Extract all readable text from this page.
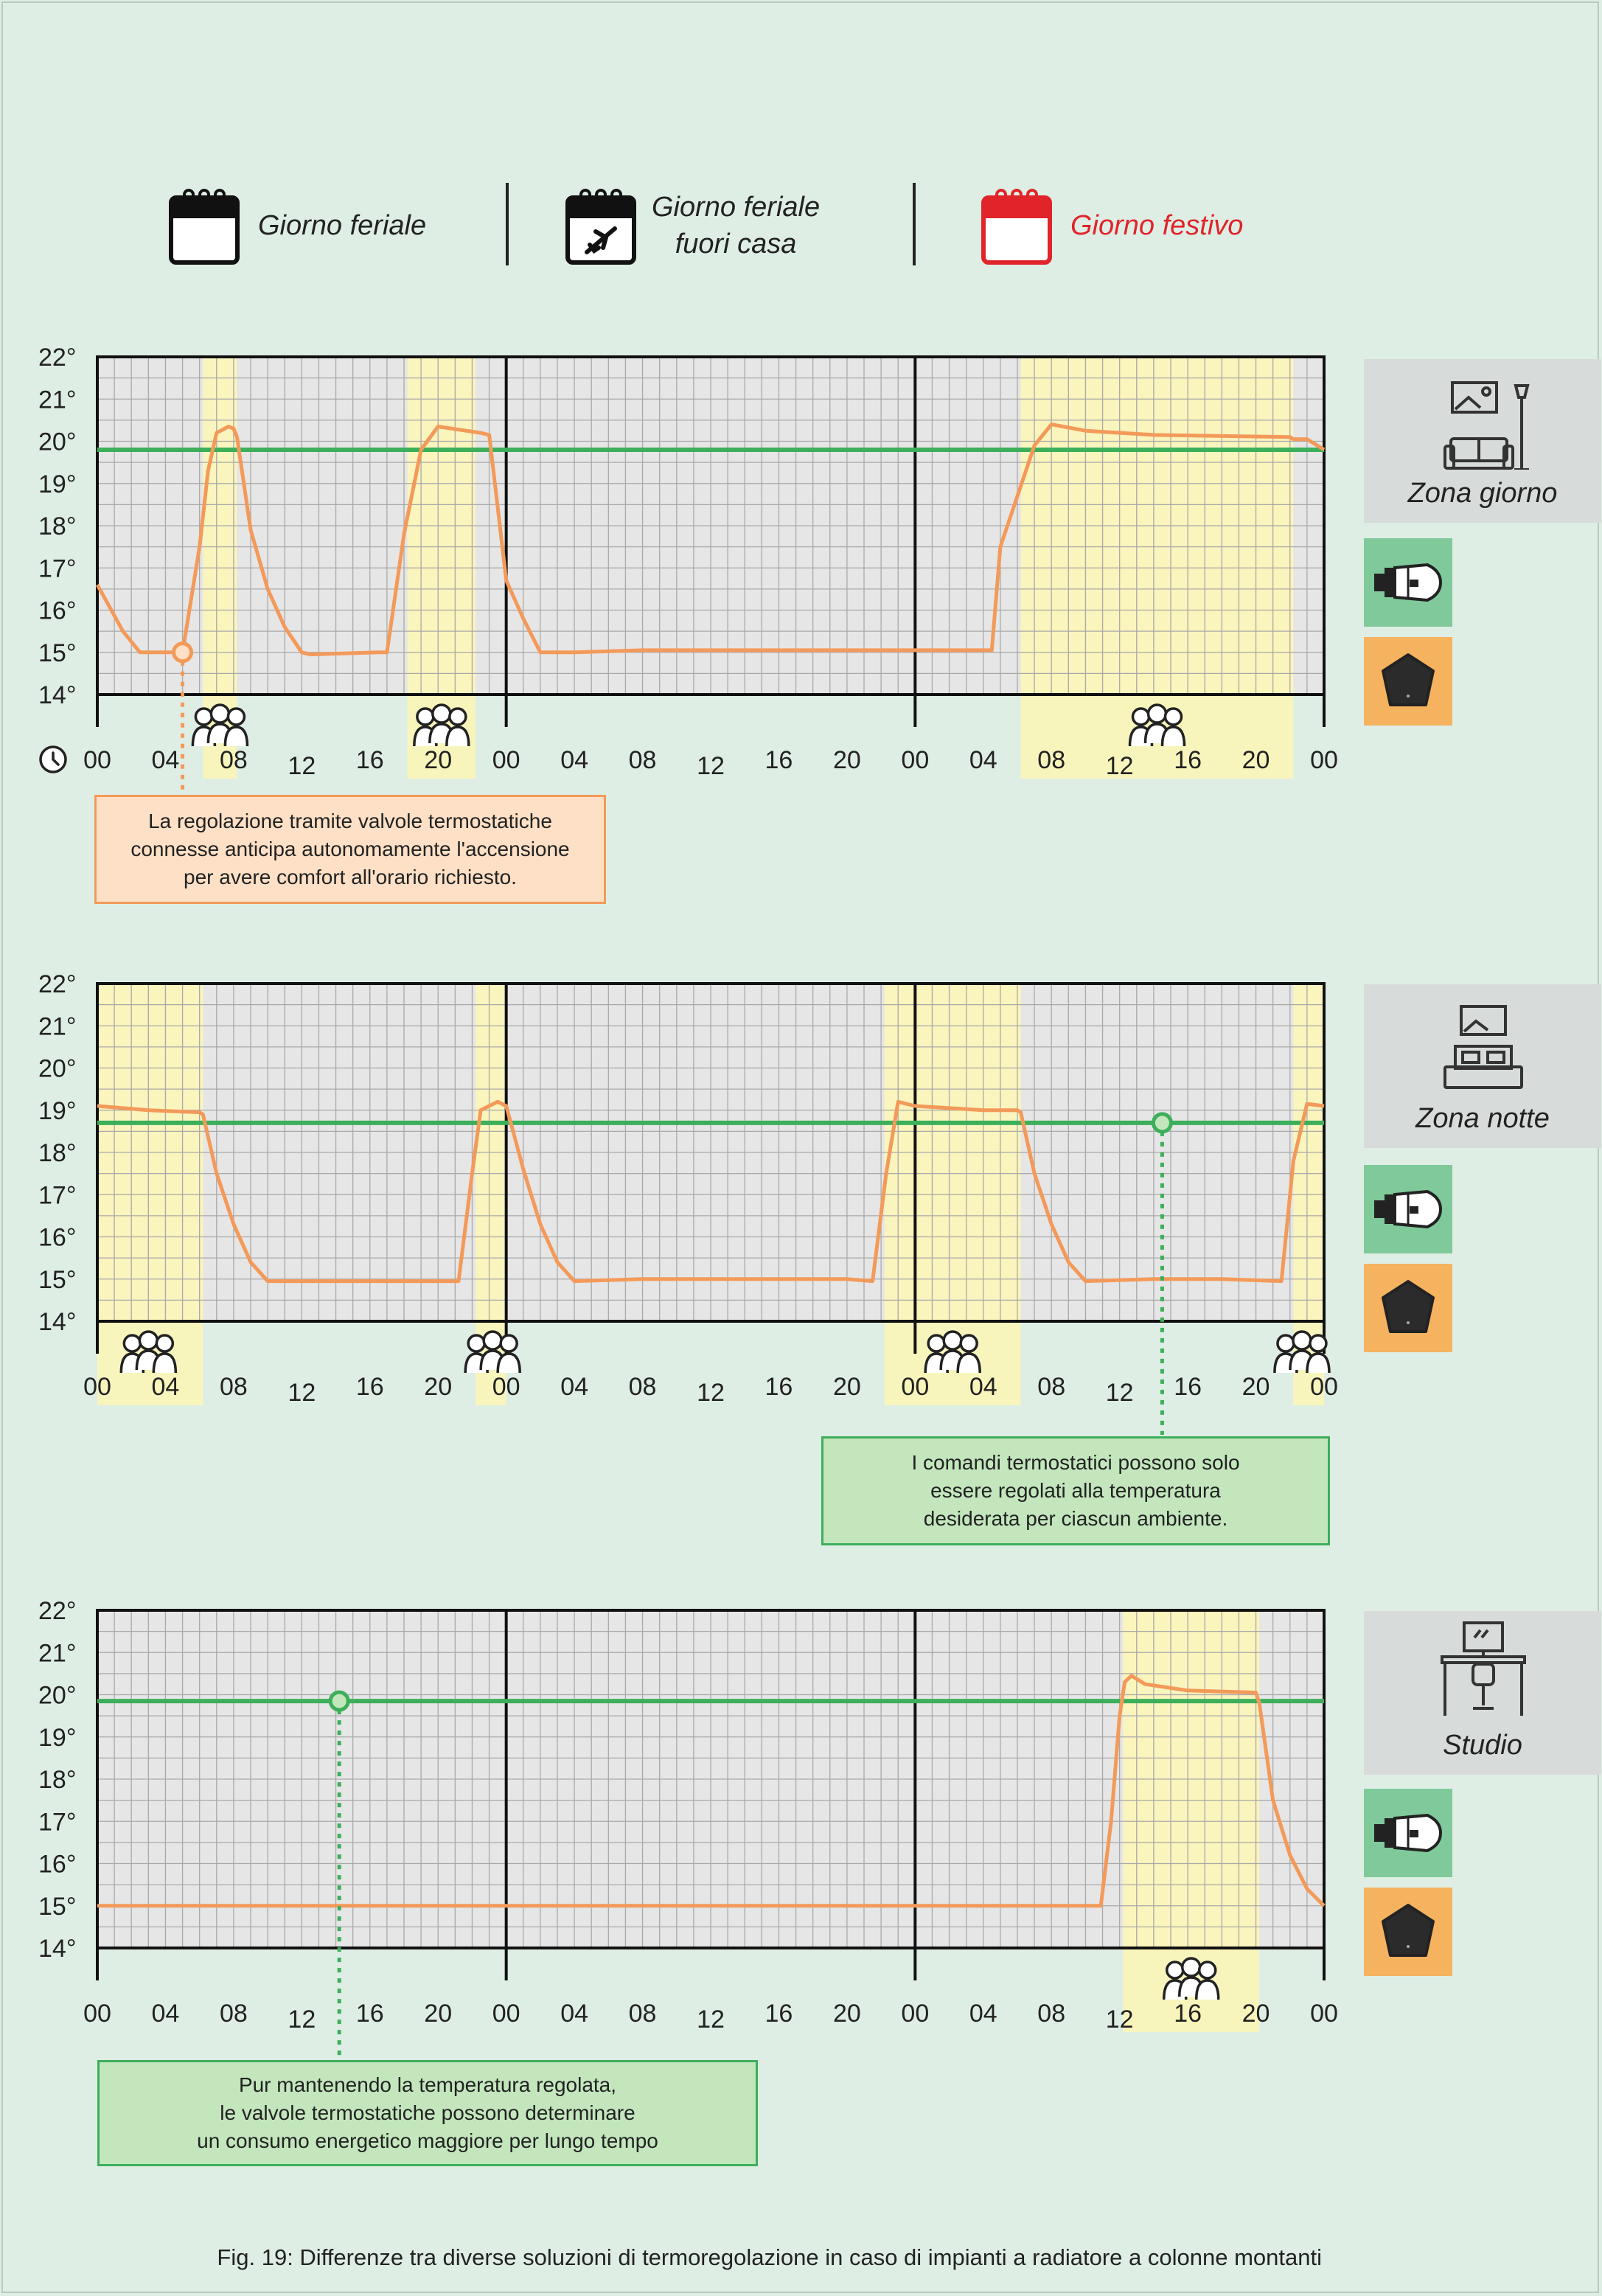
Giorno feriale
Giorno feriale
fuori casa
Giorno festivo
22°
21°
20°
19°
18°
17°
16°
15°
14°
00 04 08 12 16 20 00 04 08 12 16 20 00 04 08 12 16 20 00
22°
21°
20°
19°
18°
17°
16°
15°
14°
00 04 08 12 16 20 00 04 08 12 16 20 00 04 08 12 16 20 00
22°
21°
20°
19°
18°
17°
16°
15°
14°
00 04 08 12 16 20 00 04 08 12 16 20 00 04 08 12 16 20 00
Zona giorno
Zona notte
Studio
La regolazione tramite valvole termostatiche
connesse anticipa autonomamente l'accensione
per avere comfort all'orario richiesto.
I comandi termostatici possono solo
essere regolati alla temperatura
desiderata per ciascun ambiente.
Pur mantenendo la temperatura regolata,
le valvole termostatiche possono determinare
un consumo energetico maggiore per lungo tempo
Fig. 19: Differenze tra diverse soluzioni di termoregolazione in caso di impianti a radiatore a colonne montanti
